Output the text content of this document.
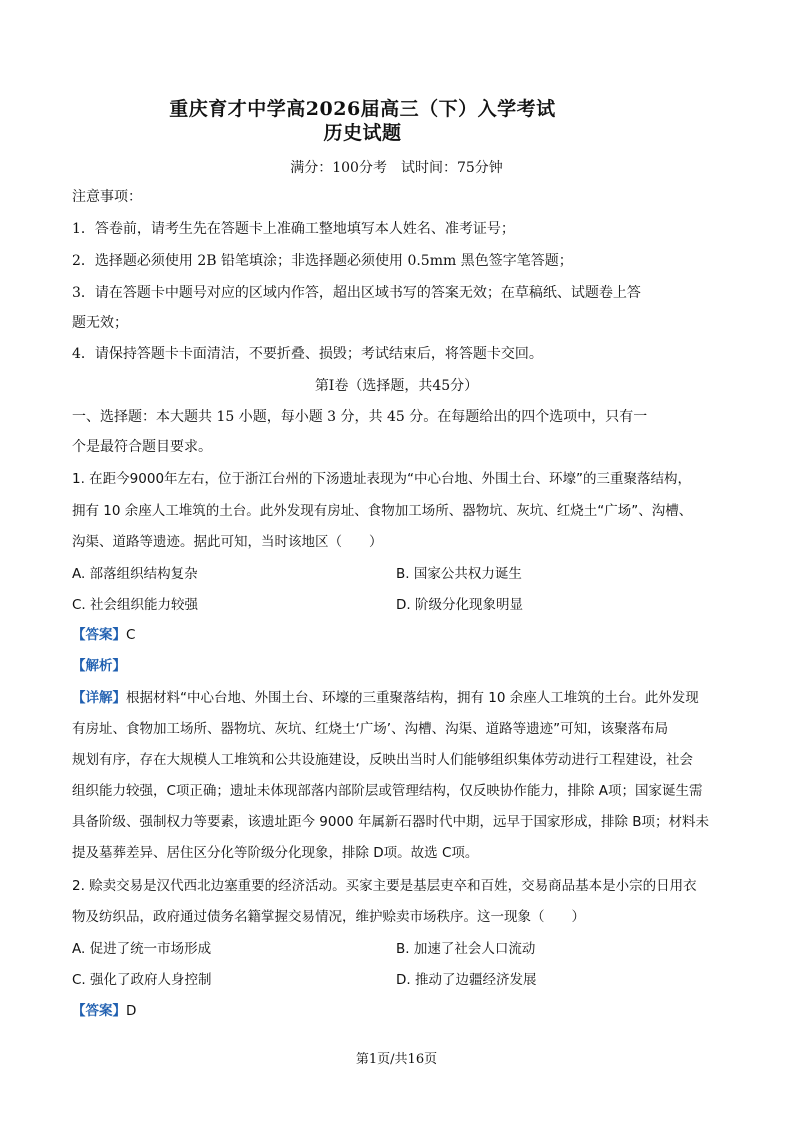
重庆育才中学高2026届高三（下）入学考试
历史试题
满分：100分考　试时间：75分钟
注意事项：
1．答卷前，请考生先在答题卡上准确工整地填写本人姓名、准考证号；
2．选择题必须使用 2B 铅笔填涂；非选择题必须使用 0.5mm 黑色签字笔答题；
3．请在答题卡中题号对应的区域内作答，超出区域书写的答案无效；在草稿纸、试题卷上答
题无效；
4．请保持答题卡卡面清洁，不要折叠、损毁；考试结束后，将答题卡交回。
第Ⅰ卷（选择题，共45分）
一、选择题：本大题共 15 小题，每小题 3 分，共 45 分。在每题给出的四个选项中，只有一
个是最符合题目要求。
1. 在距今9000年左右，位于浙江台州的下汤遗址表现为“中心台地、外围土台、环壕”的三重聚落结构，
拥有 10 余座人工堆筑的土台。此外发现有房址、食物加工场所、器物坑、灰坑、红烧土“广场”、沟槽、
沟渠、道路等遗迹。据此可知，当时该地区（　　）
A. 部落组织结构复杂	B. 国家公共权力诞生
C. 社会组织能力较强	D. 阶级分化现象明显
【答案】C
【解析】
【详解】根据材料“中心台地、外围土台、环壕的三重聚落结构，拥有 10 余座人工堆筑的土台。此外发现
有房址、食物加工场所、器物坑、灰坑、红烧土‘广场’、沟槽、沟渠、道路等遗迹”可知，该聚落布局
规划有序，存在大规模人工堆筑和公共设施建设，反映出当时人们能够组织集体劳动进行工程建设，社会
组织能力较强，C项正确；遗址未体现部落内部阶层或管理结构，仅反映协作能力，排除 A项；国家诞生需
具备阶级、强制权力等要素，该遗址距今 9000 年属新石器时代中期，远早于国家形成，排除 B项；材料未
提及墓葬差异、居住区分化等阶级分化现象，排除 D项。故选 C项。
2. 赊卖交易是汉代西北边塞重要的经济活动。买家主要是基层吏卒和百姓，交易商品基本是小宗的日用衣
物及纺织品，政府通过债务名籍掌握交易情况，维护赊卖市场秩序。这一现象（　　）
A. 促进了统一市场形成	B. 加速了社会人口流动
C. 强化了政府人身控制	D. 推动了边疆经济发展
【答案】D
第1页/共16页
